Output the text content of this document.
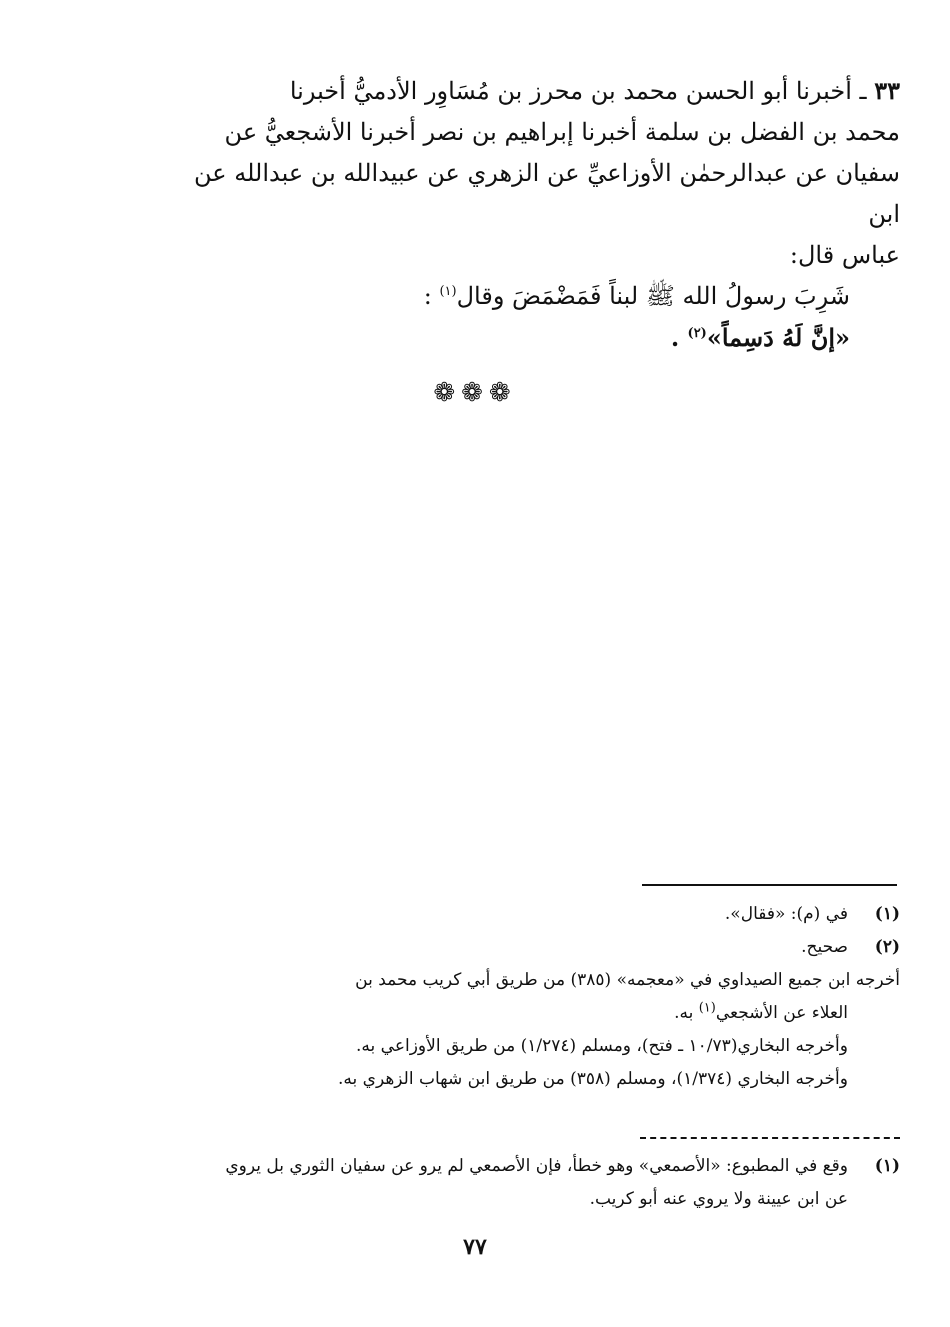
٣٣ ـ أخبرنا أبو الحسن محمد بن محرز بن مُسَاوِر الأدميُّ أخبرنا

محمد بن الفضل بن سلمة أخبرنا إبراهيم بن نصر أخبرنا الأشجعيُّ عن

سفيان عن عبدالرحمٰن الأوزاعيِّ عن الزهري عن عبيدالله بن عبدالله عن ابن

عباس قال:

شَرِبَ رسولُ الله ﷺ لبناً فَمَضْمَضَ وقال$^{(١)}$ :

«إنَّ لَهُ دَسِماً»$^{(٢)}$ .

❁❁❁
(١)
في (م): «فقال».
(٢)
صحيح.

أخرجه ابن جميع الصيداوي في «معجمه» (٣٨٥) من طريق أبي كريب محمد بن

العلاء عن الأشجعي$^{(١)}$ به.

وأخرجه البخاري(١٠/٧٣ ـ فتح)، ومسلم (١/٢٧٤) من طريق الأوزاعي به.

وأخرجه البخاري (١/٣٧٤)، ومسلم (٣٥٨) من طريق ابن شهاب الزهري به.

(١)
وقع في المطبوع: «الأصمعي» وهو خطأ، فإن الأصمعي لم يرو عن سفيان الثوري بل يروي

عن ابن عيينة ولا يروي عنه أبو كريب.

٧٧
